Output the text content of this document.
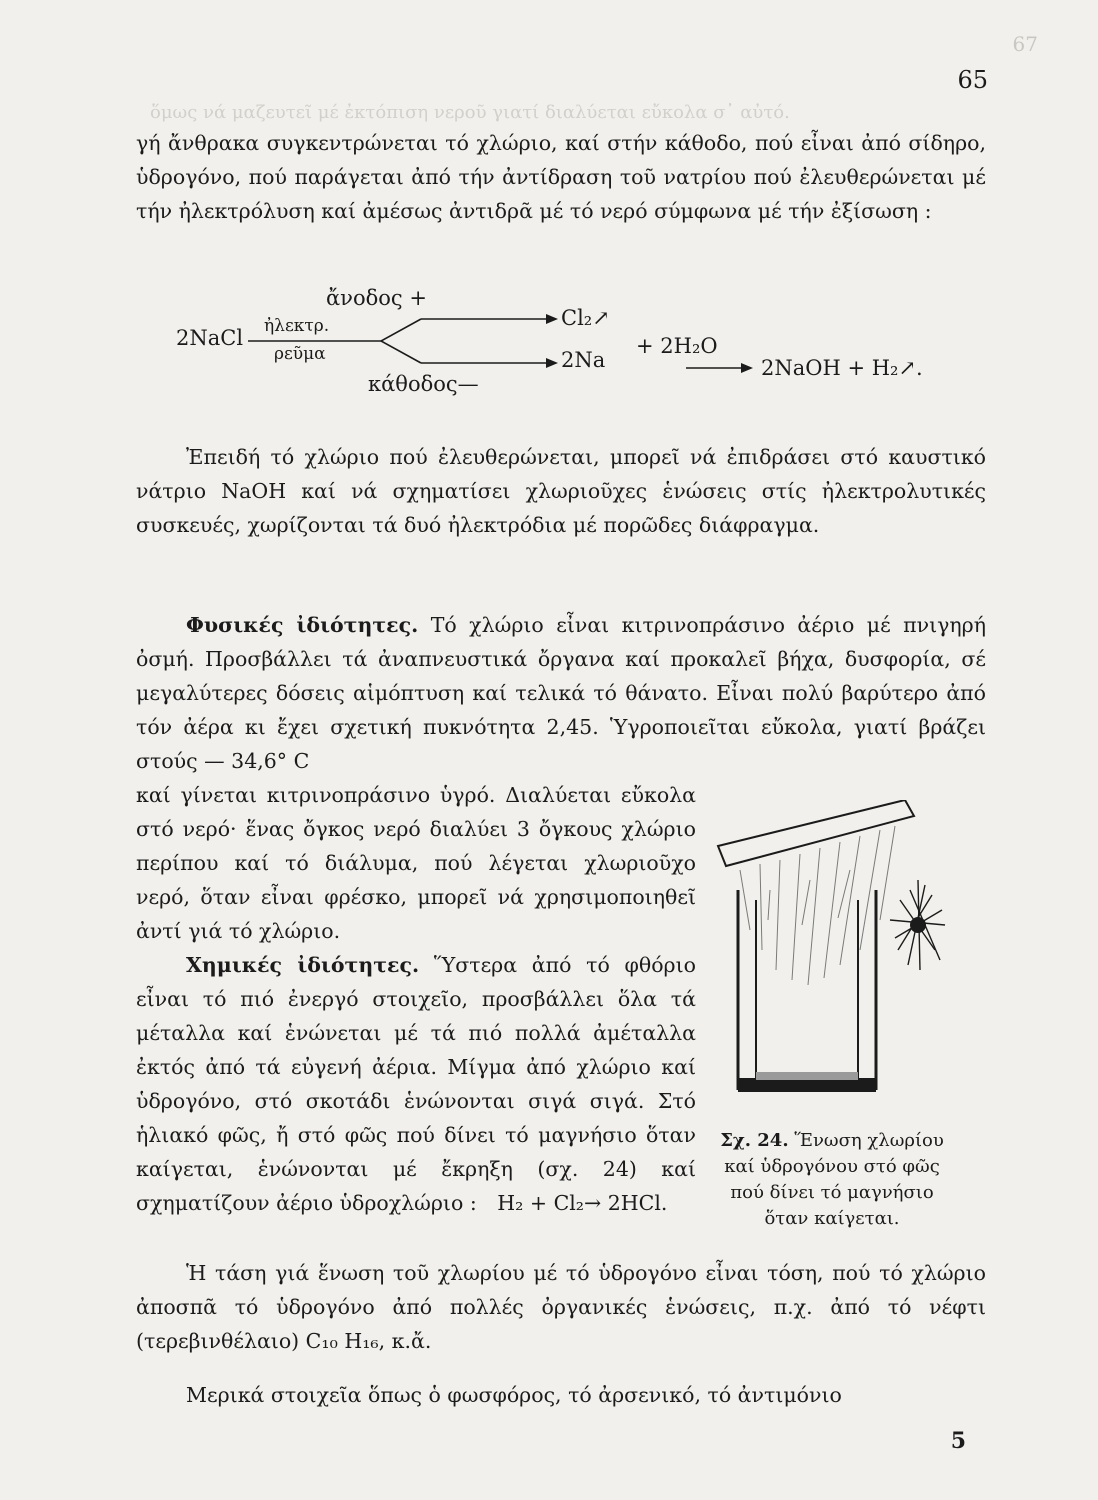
67
65
ὅμως νά μαζευτεῖ μέ ἐκτόπιση νεροῦ γιατί διαλύεται εὔκολα σ᾿ αὐτό.

γή ἄνθρακα συγκεντρώνεται τό χλώριο, καί στήν κάθοδο, πού εἶναι ἀπό σίδηρο, ὑδρογόνο, πού παράγεται ἀπό τήν ἀντίδραση τοῦ νατρίου πού ἐλευθερώνεται μέ τήν ἠλεκτρόλυση καί ἀμέσως ἀντιδρᾶ μέ τό νερό σύμφωνα μέ τήν ἐξίσωση :

ἄνοδος +
2NaCl ἠλεκτρ.
ρεῦμα
Cl₂↗
2Na
+ 2H₂O
2NaOH + H₂↗.
κάθοδος—

Ἐπειδή τό χλώριο πού ἐλευθερώνεται, μπορεῖ νά ἐπιδράσει στό καυστικό νάτριο NaOH καί νά σχηματίσει χλωριοῦχες ἑνώσεις στίς ἠλεκτρολυτικές συσκευές, χωρίζονται τά δυό ἠλεκτρόδια μέ πορῶδες διάφραγμα.

Φυσικές ἰδιότητες. Τό χλώριο εἶναι κιτρινοπράσινο ἀέριο μέ πνιγηρή ὀσμή. Προσβάλλει τά ἀναπνευστικά ὄργανα καί προκαλεῖ βήχα, δυσφορία, σέ μεγαλύτερες δόσεις αἱμόπτυση καί τελικά τό θάνατο. Εἶναι πολύ βαρύτερο ἀπό τόν ἀέρα κι ἔχει σχετική πυκνότητα 2,45. Ὑγροποιεῖται εὔκολα, γιατί βράζει στούς — 34,6° C

καί γίνεται κιτρινοπράσινο ὑγρό. Διαλύεται εὔκολα στό νερό· ἕνας ὄγκος νερό διαλύει 3 ὄγκους χλώριο περίπου καί τό διάλυμα, πού λέγεται χλωριοῦχο νερό, ὅταν εἶναι φρέσκο, μπορεῖ νά χρησιμοποιηθεῖ ἀντί γιά τό χλώριο.

Χημικές ἰδιότητες. Ὕστερα ἀπό τό φθόριο εἶναι τό πιό ἐνεργό στοιχεῖο, προσβάλλει ὅλα τά μέταλλα καί ἑνώνεται μέ τά πιό πολλά ἀμέταλλα ἐκτός ἀπό τά εὐγενή ἀέρια. Μίγμα ἀπό χλώριο καί ὑδρογόνο, στό σκοτάδι ἑνώνονται σιγά σιγά. Στό ἡλιακό φῶς, ἤ στό φῶς πού δίνει τό μαγνήσιο ὅταν καίγεται, ἑνώνονται μέ ἔκρηξη (σχ. 24) καί σχηματίζουν ἀέριο ὑδροχλώριο : H₂ + Cl₂→ 2HCl.

Σχ. 24. Ἕνωση χλωρίου καί ὑδρογόνου στό φῶς πού δίνει τό μαγνήσιο ὅταν καίγεται.

Ἡ τάση γιά ἕνωση τοῦ χλωρίου μέ τό ὑδρογόνο εἶναι τόση, πού τό χλώριο ἀποσπᾶ τό ὑδρογόνο ἀπό πολλές ὀργανικές ἑνώσεις, π.χ. ἀπό τό νέφτι (τερεβινθέλαιο) C₁₀ H₁₆, κ.ἄ.

Μερικά στοιχεῖα ὅπως ὁ φωσφόρος, τό ἀρσενικό, τό ἀντιμόνιο

5
